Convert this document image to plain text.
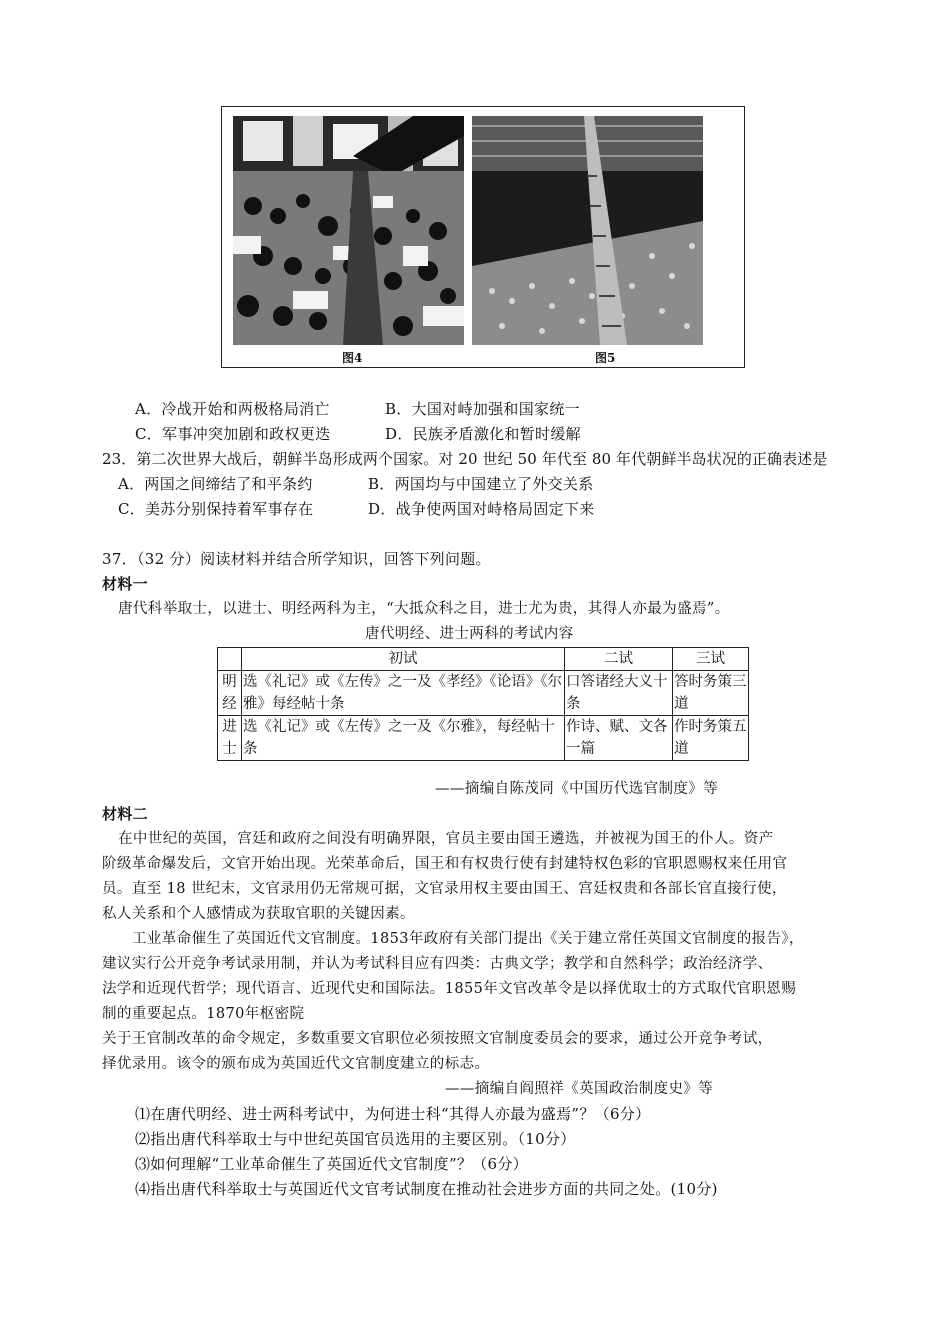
图4	图5
A．冷战开始和两极格局消亡	B．大国对峙加强和国家统一
C．军事冲突加剧和政权更迭	D．民族矛盾激化和暂时缓解
23．第二次世界大战后，朝鲜半岛形成两个国家。对 20 世纪 50 年代至 80 年代朝鲜半岛状况的正确表述是
A．两国之间缔结了和平条约	B．两国均与中国建立了外交关系
C．美苏分别保持着军事存在	D．战争使两国对峙格局固定下来
37．（32 分）阅读材料并结合所学知识，回答下列问题。
材料一
唐代科举取士，以进士、明经两科为主，“大抵众科之目，进士尤为贵，其得人亦最为盛焉”。
唐代明经、进士两科的考试内容
	初试	二试	三试
明经	选《礼记》或《左传》之一及《孝经》《论语》《尔雅》每经帖十条	口答诸经大义十条	答时务策三道
进士	选《礼记》或《左传》之一及《尔雅》，每经帖十条	作诗、赋、文各一篇	作时务策五道
——摘编自陈茂同《中国历代选官制度》等
材料二
在中世纪的英国，宫廷和政府之间没有明确界限，官员主要由国王遴选，并被视为国王的仆人。资产
阶级革命爆发后，文官开始出现。光荣革命后，国王和有权贵行使有封建特权色彩的官职恩赐权来任用官
员。直至 18 世纪末，文官录用仍无常规可据，文官录用权主要由国王、宫廷权贵和各部长官直接行使，
私人关系和个人感情成为获取官职的关键因素。
工业革命催生了英国近代文官制度。1853年政府有关部门提出《关于建立常任英国文官制度的报告》，
建议实行公开竞争考试录用制，并认为考试科目应有四类：古典文学；教学和自然科学；政治经济学、
法学和近现代哲学；现代语言、近现代史和国际法。1855年文官改革令是以择优取士的方式取代官职恩赐
制的重要起点。1870年枢密院
关于王官制改革的命令规定，多数重要文官职位必须按照文官制度委员会的要求，通过公开竞争考试，
择优录用。该令的颁布成为英国近代文官制度建立的标志。
——摘编自阎照祥《英国政治制度史》等
⑴在唐代明经、进士两科考试中，为何进士科“其得人亦最为盛焉”？（6分）
⑵指出唐代科举取士与中世纪英国官员选用的主要区别。（10分）
⑶如何理解“工业革命催生了英国近代文官制度”？（6分）
⑷指出唐代科举取士与英国近代文官考试制度在推动社会进步方面的共同之处。(10分)
